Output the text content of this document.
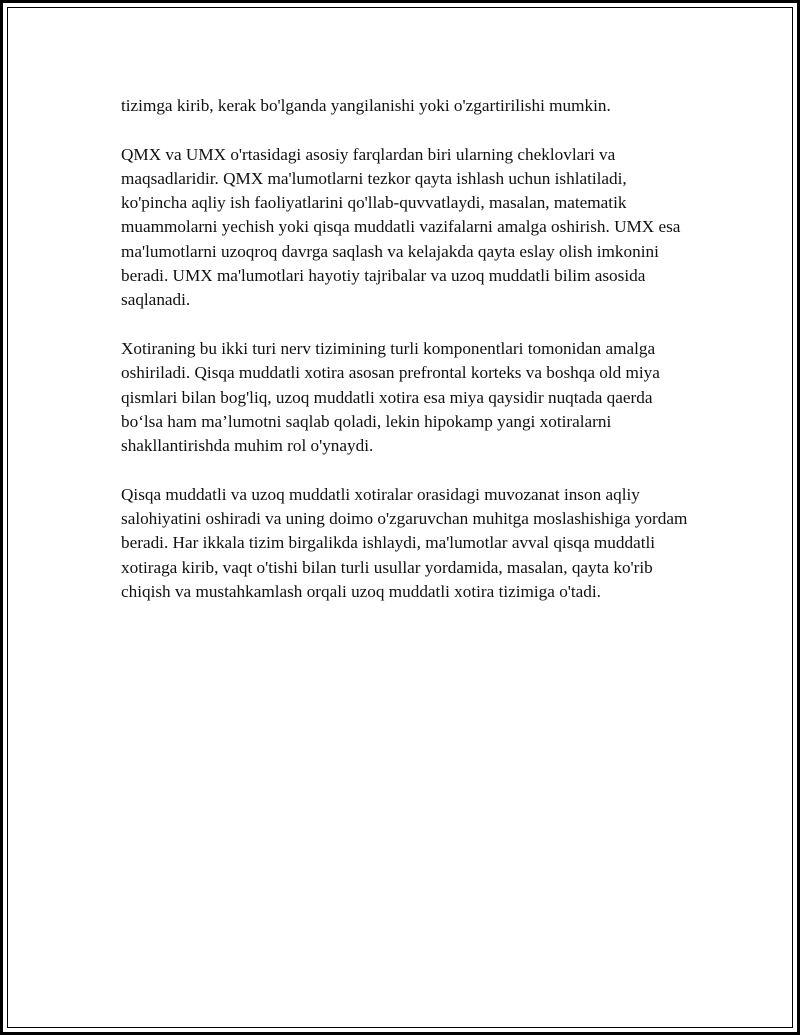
tizimga kirib, kerak bo'lganda yangilanishi yoki o'zgartirilishi mumkin.

QMX va UMX o'rtasidagi asosiy farqlardan biri ularning cheklovlari va maqsadlaridir. QMX ma'lumotlarni tezkor qayta ishlash uchun ishlatiladi, ko'pincha aqliy ish faoliyatlarini qo'llab-quvvatlaydi, masalan, matematik muammolarni yechish yoki qisqa muddatli vazifalarni amalga oshirish. UMX esa ma'lumotlarni uzoqroq davrga saqlash va kelajakda qayta eslay olish imkonini beradi. UMX ma'lumotlari hayotiy tajribalar va uzoq muddatli bilim asosida saqlanadi.

Xotiraning bu ikki turi nerv tizimining turli komponentlari tomonidan amalga oshiriladi. Qisqa muddatli xotira asosan prefrontal korteks va boshqa old miya qismlari bilan bog'liq, uzoq muddatli xotira esa miya qaysidir nuqtada qaerda bo‘lsa ham ma’lumotni saqlab qoladi, lekin hipokamp yangi xotiralarni shakllantirishda muhim rol o'ynaydi.

Qisqa muddatli va uzoq muddatli xotiralar orasidagi muvozanat inson aqliy salohiyatini oshiradi va uning doimo o'zgaruvchan muhitga moslashishiga yordam beradi. Har ikkala tizim birgalikda ishlaydi, ma'lumotlar avval qisqa muddatli xotiraga kirib, vaqt o'tishi bilan turli usullar yordamida, masalan, qayta ko'rib chiqish va mustahkamlash orqali uzoq muddatli xotira tizimiga o'tadi.
